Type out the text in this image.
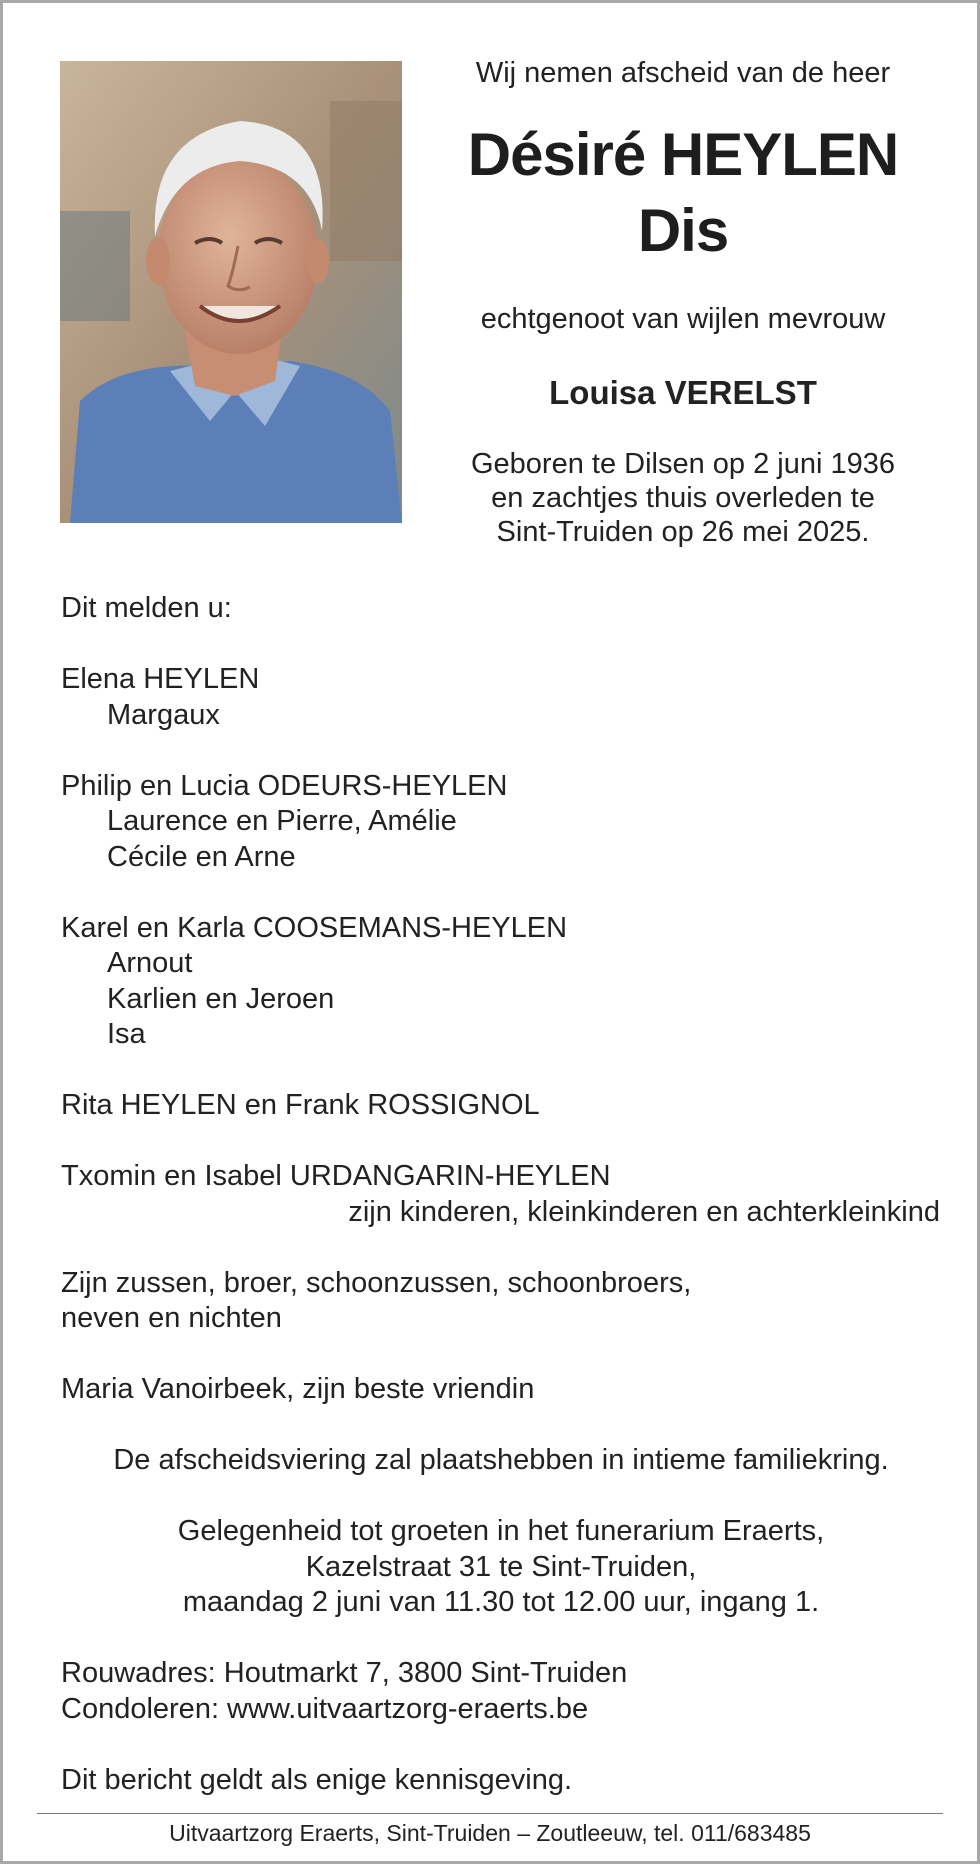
Wij nemen afscheid van de heer
Désiré HEYLEN
Dis
echtgenoot van wijlen mevrouw
Louisa VERELST
Geboren te Dilsen op 2 juni 1936
en zachtjes thuis overleden te
Sint-Truiden op 26 mei 2025.
Dit melden u:
Elena HEYLEN
Margaux
Philip en Lucia ODEURS-HEYLEN
Laurence en Pierre, Amélie
Cécile en Arne
Karel en Karla COOSEMANS-HEYLEN
Arnout
Karlien en Jeroen
Isa
Rita HEYLEN en Frank ROSSIGNOL
Txomin en Isabel URDANGARIN-HEYLEN
zijn kinderen, kleinkinderen en achterkleinkind
Zijn zussen, broer, schoonzussen, schoonbroers,
neven en nichten
Maria Vanoirbeek, zijn beste vriendin
De afscheidsviering zal plaatshebben in intieme familiekring.
Gelegenheid tot groeten in het funerarium Eraerts,
Kazelstraat 31 te Sint-Truiden,
maandag 2 juni van 11.30 tot 12.00 uur, ingang 1.
Rouwadres: Houtmarkt 7, 3800 Sint-Truiden
Condoleren: www.uitvaartzorg-eraerts.be
Dit bericht geldt als enige kennisgeving.
Uitvaartzorg Eraerts, Sint-Truiden – Zoutleeuw, tel. 011/683485
